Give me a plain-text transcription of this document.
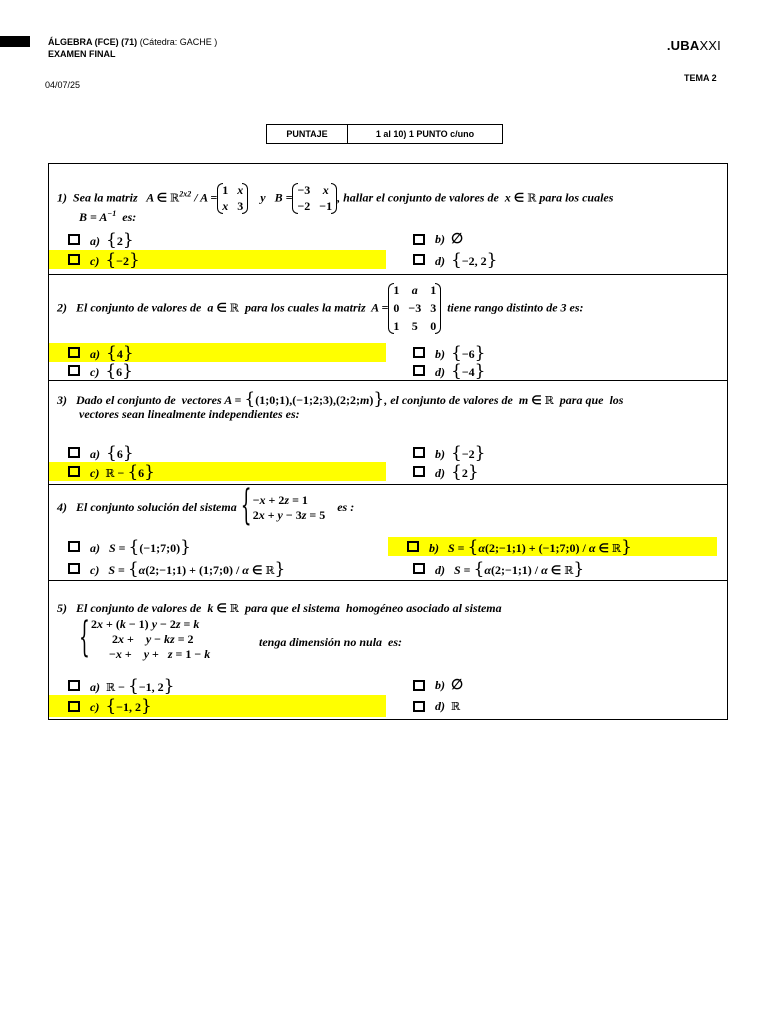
ÁLGEBRA (FCE) (71) (Cátedra: GACHE )
EXAMEN FINAL
04/07/25
TEMA 2
.UBAXXI
PUNTAJE	1 al 10) 1 PUNTO c/uno
1)  Sea la matriz   A ∈ ℝ$^{2x2}$ / A =
1 x
x 3
y   B =
−3 x
−2 −1
, hallar el conjunto de valores de  x ∈ ℝ para los cuales
$B = A^{-1}$  es:
a)  {2}	b)  ∅
c)  {−2}	d)  {−2, 2}
2)   El conjunto de valores de  a ∈ ℝ  para los cuales la matriz  A =
1 a 1
0 −3 3
1 5 0
tiene rango distinto de 3 es:
a)  {4}	b)  {−6}
c)  {6}	d)  {−4}
3)   Dado el conjunto de  vectores A = {(1;0;1),(−1;2;3),(2;2;m)}, el conjunto de valores de  m ∈ ℝ  para que  los
vectores sean linealmente independientes es:
a)  {6}	b)  {−2}
c)  ℝ − {6}	d)  {2}
4)   El conjunto solución del sistema  { −x + 2z = 1
2x + y − 3z = 5    es :
a)   S = {(−1;7;0)}	b)   S = {α(2;−1;1) + (−1;7;0) / α ∈ ℝ}
c)   S = {α(2;−1;1) + (1;7;0) / α ∈ ℝ}	d)   S = {α(2;−1;1) / α ∈ ℝ}
5)   El conjunto de valores de  k ∈ ℝ  para que el sistema  homogéneo asociado al sistema
{ 2x + (k − 1) y − 2z = k
2x +    y − kz = 2
−x +    y +   z = 1 − k
tenga dimensión no nula  es:
a)  ℝ − {−1, 2}	b)  ∅
c)  {−1, 2}	d)  ℝ
